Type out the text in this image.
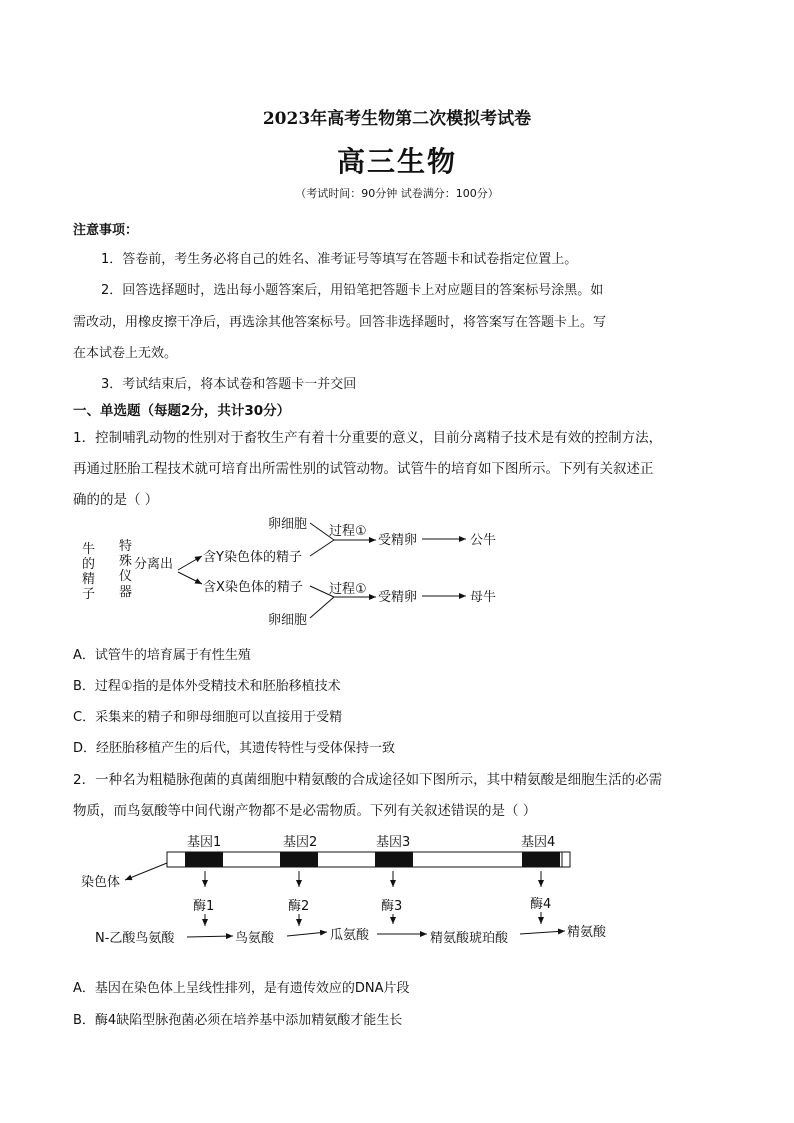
2023年高考生物第二次模拟考试卷
高三生物
（考试时间：90分钟 试卷满分：100分）
注意事项：
1．答卷前，考生务必将自己的姓名、准考证号等填写在答题卡和试卷指定位置上。
2．回答选择题时，选出每小题答案后，用铅笔把答题卡上对应题目的答案标号涂黑。如
需改动，用橡皮擦干净后，再选涂其他答案标号。回答非选择题时，将答案写在答题卡上。写
在本试卷上无效。
3．考试结束后，将本试卷和答题卡一并交回
一、单选题（每题2分，共计30分）
1．控制哺乳动物的性别对于畜牧生产有着十分重要的意义，目前分离精子技术是有效的控制方法，
再通过胚胎工程技术就可培育出所需性别的试管动物。试管牛的培育如下图所示。下列有关叙述正
确的的是（ ）
牛
的
精
子
特
殊
仪
器
分离出 含Y染色体的精子
含X染色体的精子
卵细胞
卵细胞
过程①
过程①
受精卵
受精卵
公牛
母牛
A．试管牛的培育属于有性生殖
B．过程①指的是体外受精技术和胚胎移植技术
C．采集来的精子和卵母细胞可以直接用于受精
D．经胚胎移植产生的后代，其遗传特性与受体保持一致
2．一种名为粗糙脉孢菌的真菌细胞中精氨酸的合成途径如下图所示，其中精氨酸是细胞生活的必需
物质，而鸟氨酸等中间代谢产物都不是必需物质。下列有关叙述错误的是（ ）
基因1	基因2	基因3	基因4
染色体
酶1	酶2	酶3	酶4
N-乙酸鸟氨酸	鸟氨酸	瓜氨酸	精氨酸琥珀酸	精氨酸
A．基因在染色体上呈线性排列，是有遗传效应的DNA片段
B．酶4缺陷型脉孢菌必须在培养基中添加精氨酸才能生长
